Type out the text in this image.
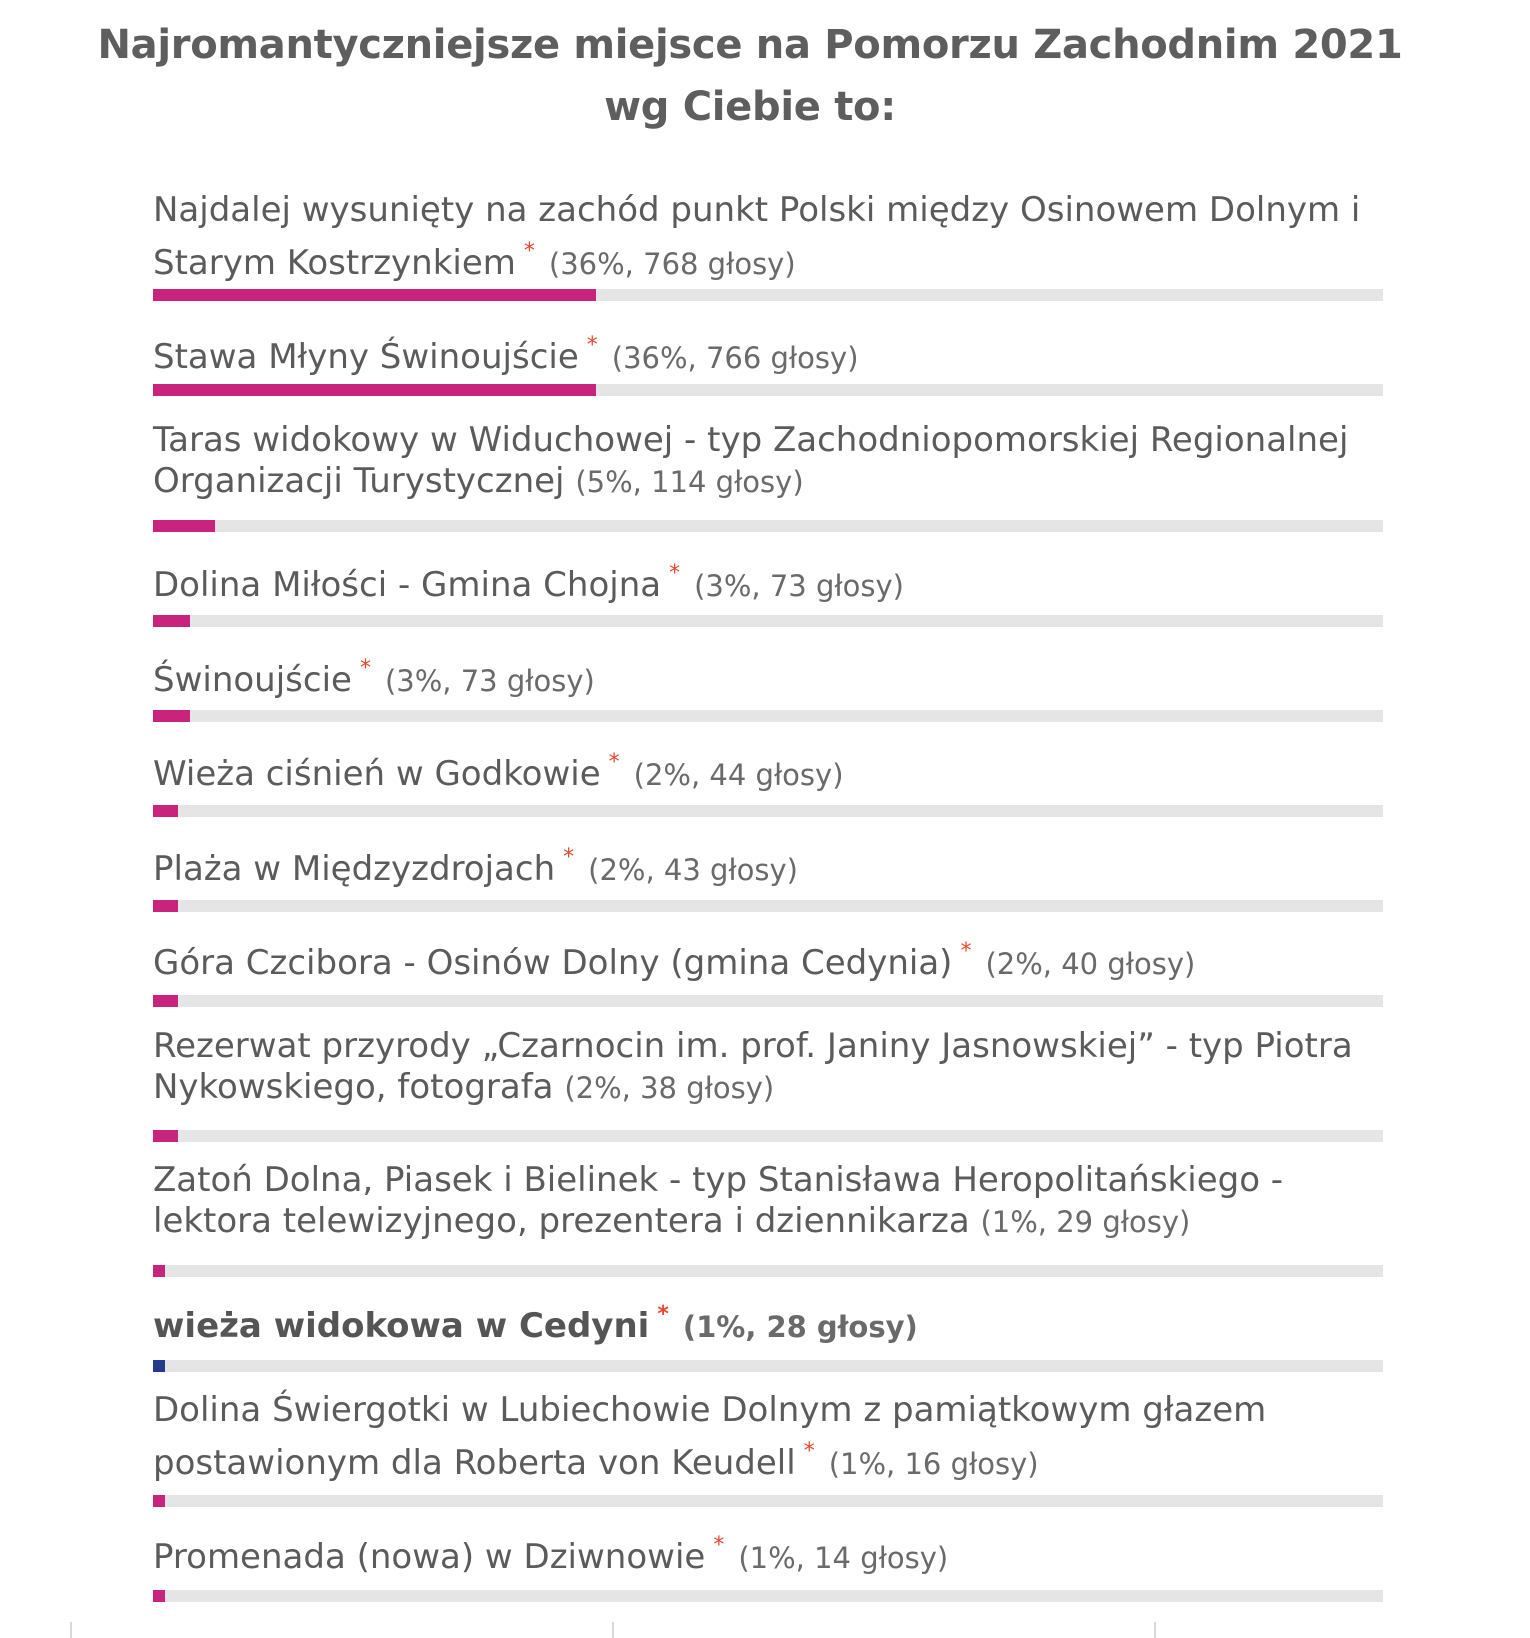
Najromantyczniejsze miejsce na Pomorzu Zachodnim 2021
wg Ciebie to:
Najdalej wysunięty na zachód punkt Polski między Osinowem Dolnym i Starym Kostrzynkiem * (36%, 768 głosy)
Stawa Młyny Świnoujście * (36%, 766 głosy)
Taras widokowy w Widuchowej - typ Zachodniopomorskiej Regionalnej Organizacji Turystycznej (5%, 114 głosy)
Dolina Miłości - Gmina Chojna * (3%, 73 głosy)
Świnoujście * (3%, 73 głosy)
Wieża ciśnień w Godkowie * (2%, 44 głosy)
Plaża w Międzyzdrojach * (2%, 43 głosy)
Góra Czcibora - Osinów Dolny (gmina Cedynia) * (2%, 40 głosy)
Rezerwat przyrody „Czarnocin im. prof. Janiny Jasnowskiej” - typ Piotra Nykowskiego, fotografa (2%, 38 głosy)
Zatoń Dolna, Piasek i Bielinek - typ Stanisława Heropolitańskiego - lektora telewizyjnego, prezentera i dziennikarza (1%, 29 głosy)
wieża widokowa w Cedyni * (1%, 28 głosy)
Dolina Świergotki w Lubiechowie Dolnym z pamiątkowym głazem postawionym dla Roberta von Keudell * (1%, 16 głosy)
Promenada (nowa) w Dziwnowie * (1%, 14 głosy)
